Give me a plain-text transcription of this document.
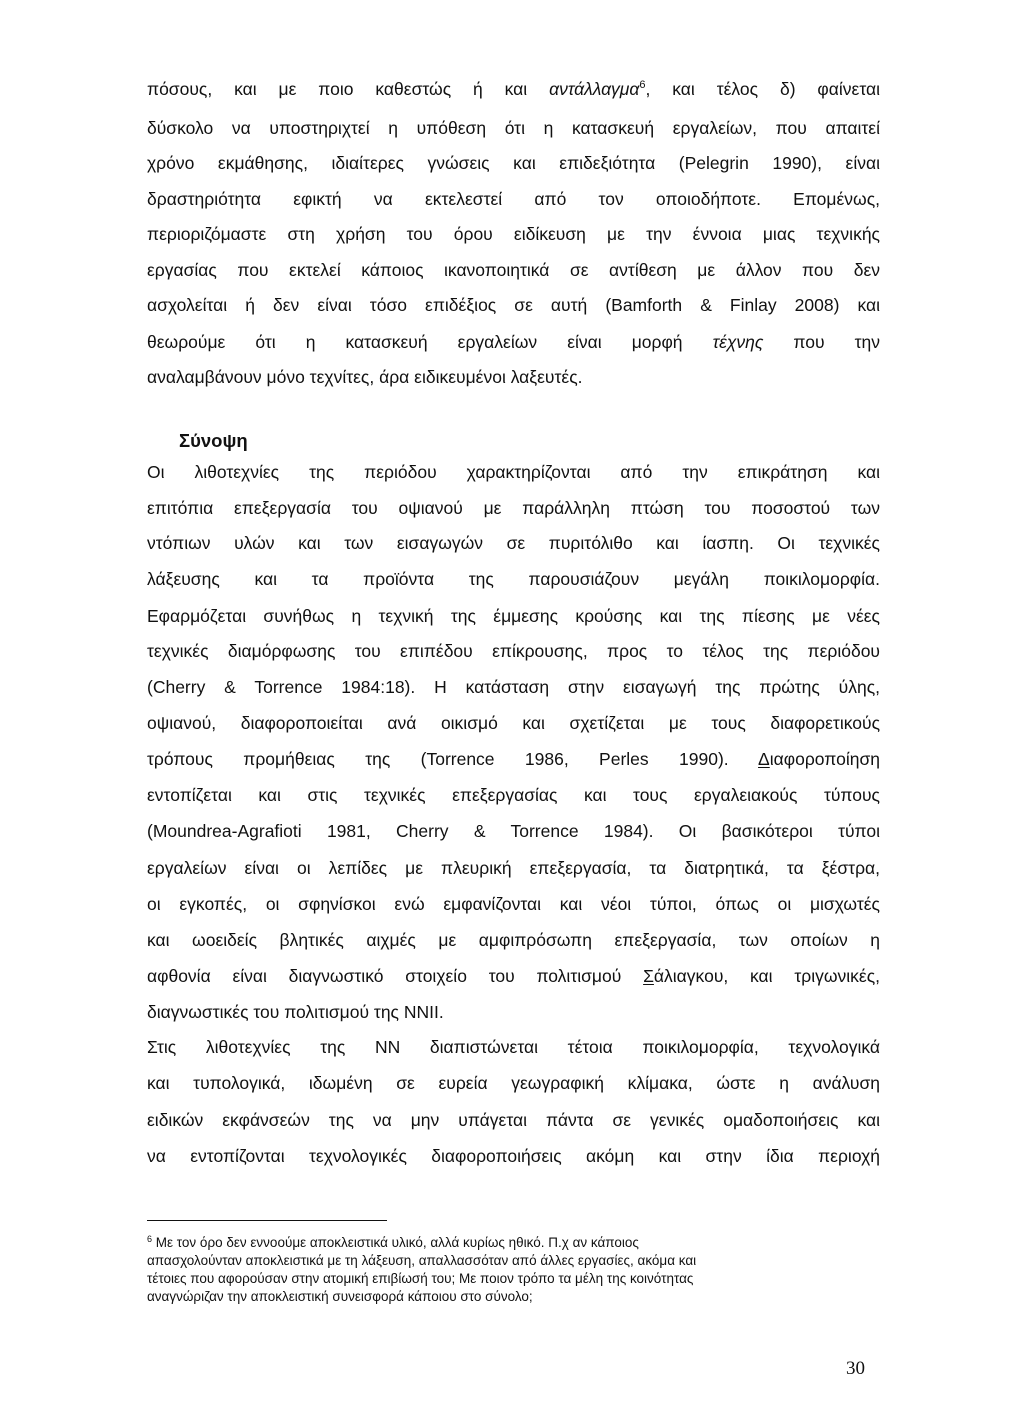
πόσους, και με ποιο καθεστώς ή και αντάλλαγμα$^6$, και τέλος δ) φαίνεται
δύσκολο να υποστηριχτεί η υπόθεση ότι η κατασκευή εργαλείων, που απαιτεί
χρόνο εκμάθησης, ιδιαίτερες γνώσεις και επιδεξιότητα (Pelegrin 1990), είναι
δραστηριότητα εφικτή να εκτελεστεί από τον οποιοδήποτε. Επομένως,
περιοριζόμαστε στη χρήση του όρου ειδίκευση με την έννοια μιας τεχνικής
εργασίας που εκτελεί κάποιος ικανοποιητικά σε αντίθεση με άλλον που δεν
ασχολείται ή δεν είναι τόσο επιδέξιος σε αυτή (Bamforth & Finlay 2008) και
θεωρούμε ότι η κατασκευή εργαλείων είναι μορφή τέχνης που την
αναλαμβάνουν μόνο τεχνίτες, άρα ειδικευμένοι λαξευτές.
Σύνοψη
Οι λιθοτεχνίες της περιόδου χαρακτηρίζονται από την επικράτηση και
επιτόπια επεξεργασία του οψιανού με παράλληλη πτώση του ποσοστού των
ντόπιων υλών και των εισαγωγών σε πυριτόλιθο και ίασπη. Οι τεχνικές
λάξευσης και τα προϊόντα της παρουσιάζουν μεγάλη ποικιλομορφία.
Εφαρμόζεται συνήθως η τεχνική της έμμεσης κρούσης και της πίεσης με νέες
τεχνικές διαμόρφωσης του επιπέδου επίκρουσης, προς το τέλος της περιόδου
(Cherry & Torrence 1984:18). Η κατάσταση στην εισαγωγή της πρώτης ύλης,
οψιανού, διαφοροποιείται ανά οικισμό και σχετίζεται με τους διαφορετικούς
τρόπους προμήθειας της (Torrence 1986, Perles 1990). Διαφοροποίηση
εντοπίζεται και στις τεχνικές επεξεργασίας και τους εργαλειακούς τύπους
(Moundrea-Agrafioti 1981, Cherry & Torrence 1984). Οι βασικότεροι τύποι
εργαλείων είναι οι λεπίδες με πλευρική επεξεργασία, τα διατρητικά, τα ξέστρα,
οι εγκοπές, οι σφηνίσκοι ενώ εμφανίζονται και νέοι τύποι, όπως οι μισχωτές
και ωοειδείς βλητικές αιχμές με αμφιπρόσωπη επεξεργασία, των οποίων η
αφθονία είναι διαγνωστικό στοιχείο του πολιτισμού Σάλιαγκου, και τριγωνικές,
διαγνωστικές του πολιτισμού της ΝΝΙΙ.
Στις λιθοτεχνίες της ΝΝ διαπιστώνεται τέτοια ποικιλομορφία, τεχνολογικά
και τυπολογικά, ιδωμένη σε ευρεία γεωγραφική κλίμακα, ώστε η ανάλυση
ειδικών εκφάνσεών της να μην υπάγεται πάντα σε γενικές ομαδοποιήσεις και
να εντοπίζονται τεχνολογικές διαφοροποιήσεις ακόμη και στην ίδια περιοχή
$^6$ Με τον όρο δεν εννοούμε αποκλειστικά υλικό, αλλά κυρίως ηθικό. Π.χ αν κάποιος
απασχολούνταν αποκλειστικά με τη λάξευση, απαλλασσόταν από άλλες εργασίες, ακόμα και
τέτοιες που αφορούσαν στην ατομική επιβίωσή του; Με ποιον τρόπο τα μέλη της κοινότητας
αναγνώριζαν την αποκλειστική συνεισφορά κάποιου στο σύνολο;
30
